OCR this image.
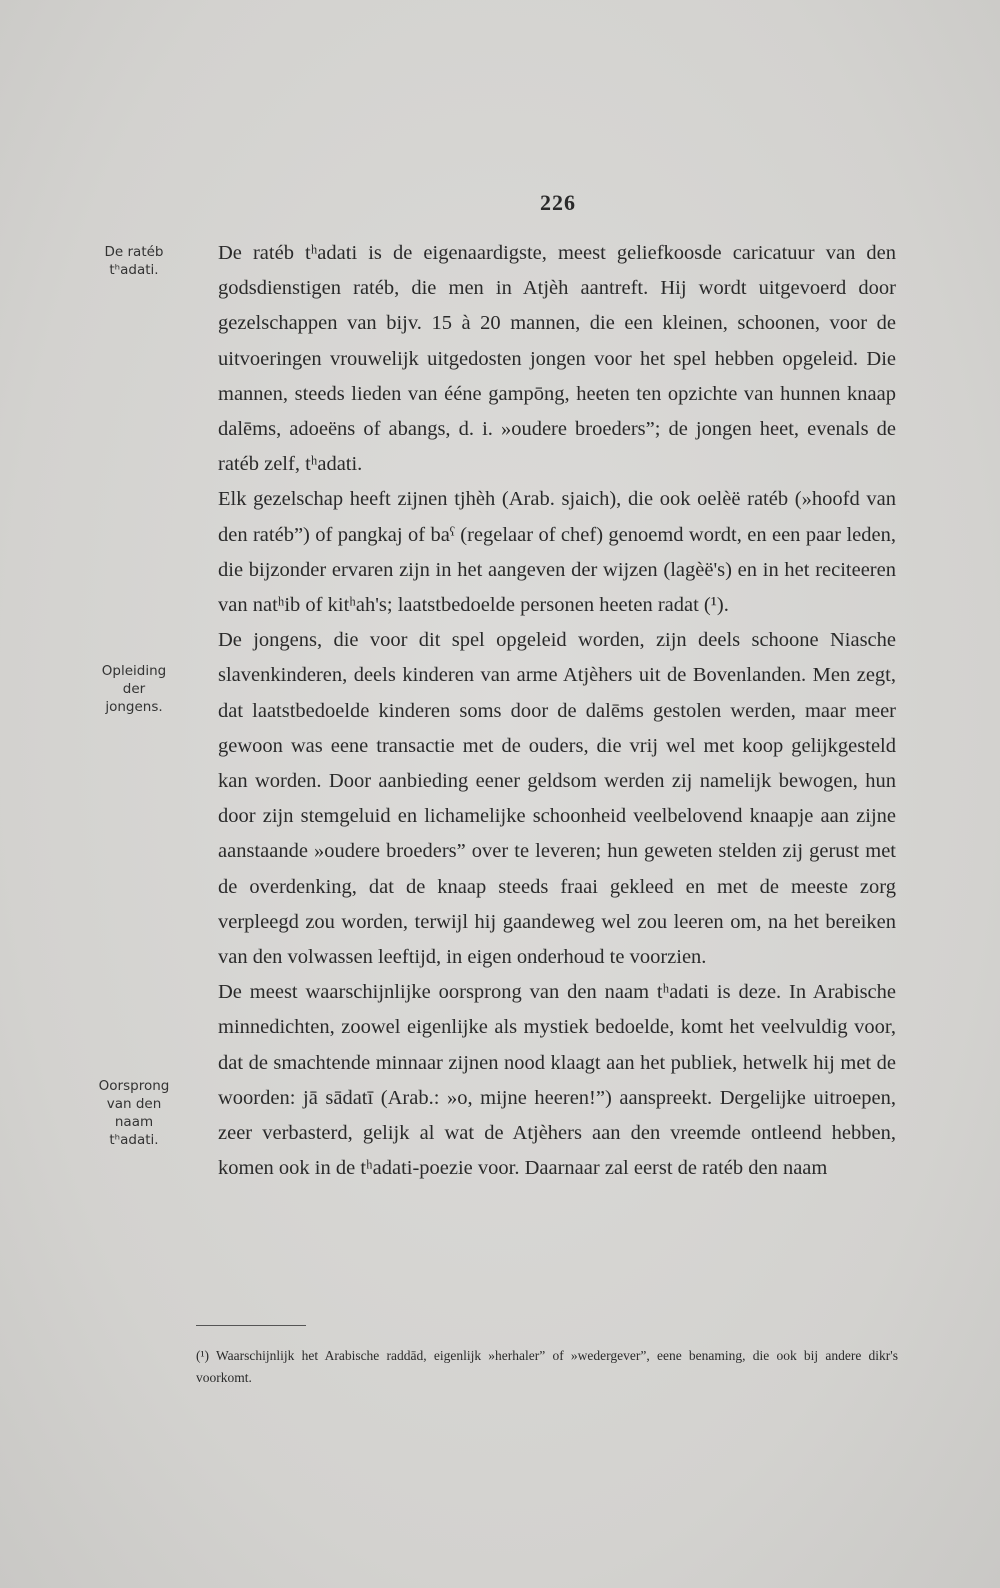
226
De ratéb
tʰadati.
Opleiding
der
jongens.
Oorsprong
van den
naam
tʰadati.

De ratéb tʰadati is de eigenaardigste, meest geliefkoosde caricatuur van den godsdienstigen ratéb, die men in Atjèh aantreft. Hij wordt uitgevoerd door gezelschappen van bijv. 15 à 20 mannen, die een kleinen, schoonen, voor de uitvoeringen vrouwelijk uitgedosten jongen voor het spel hebben opgeleid. Die mannen, steeds lieden van ééne gampōng, heeten ten opzichte van hunnen knaap dalēms, adoeëns of abangs, d. i. »oudere broeders”; de jongen heet, evenals de ratéb zelf, tʰadati.

Elk gezelschap heeft zijnen tjhèh (Arab. sjaich), die ook oelèë ratéb (»hoofd van den ratéb”) of pangkaj of baˤ (regelaar of chef) genoemd wordt, en een paar leden, die bijzonder ervaren zijn in het aangeven der wijzen (lagèë's) en in het reciteeren van natʰib of kitʰah's; laatstbedoelde personen heeten radat (¹).

De jongens, die voor dit spel opgeleid worden, zijn deels schoone Niasche slavenkinderen, deels kinderen van arme Atjèhers uit de Bovenlanden. Men zegt, dat laatstbedoelde kinderen soms door de dalēms gestolen werden, maar meer gewoon was eene transactie met de ouders, die vrij wel met koop gelijkgesteld kan worden. Door aanbieding eener geldsom werden zij namelijk bewogen, hun door zijn stemgeluid en lichamelijke schoonheid veelbelovend knaapje aan zijne aanstaande »oudere broeders” over te leveren; hun geweten stelden zij gerust met de overdenking, dat de knaap steeds fraai gekleed en met de meeste zorg verpleegd zou worden, terwijl hij gaandeweg wel zou leeren om, na het bereiken van den volwassen leeftijd, in eigen onderhoud te voorzien.

De meest waarschijnlijke oorsprong van den naam tʰadati is deze. In Arabische minnedichten, zoowel eigenlijke als mystiek bedoelde, komt het veelvuldig voor, dat de smachtende minnaar zijnen nood klaagt aan het publiek, hetwelk hij met de woorden: jā sādatī (Arab.: »o, mijne heeren!”) aanspreekt. Dergelijke uitroepen, zeer verbasterd, gelijk al wat de Atjèhers aan den vreemde ontleend hebben, komen ook in de tʰadati-poezie voor. Daarnaar zal eerst de ratéb den naam

(¹) Waarschijnlijk het Arabische raddād, eigenlijk »herhaler” of »wedergever”, eene benaming, die ook bij andere dikr's voorkomt.
